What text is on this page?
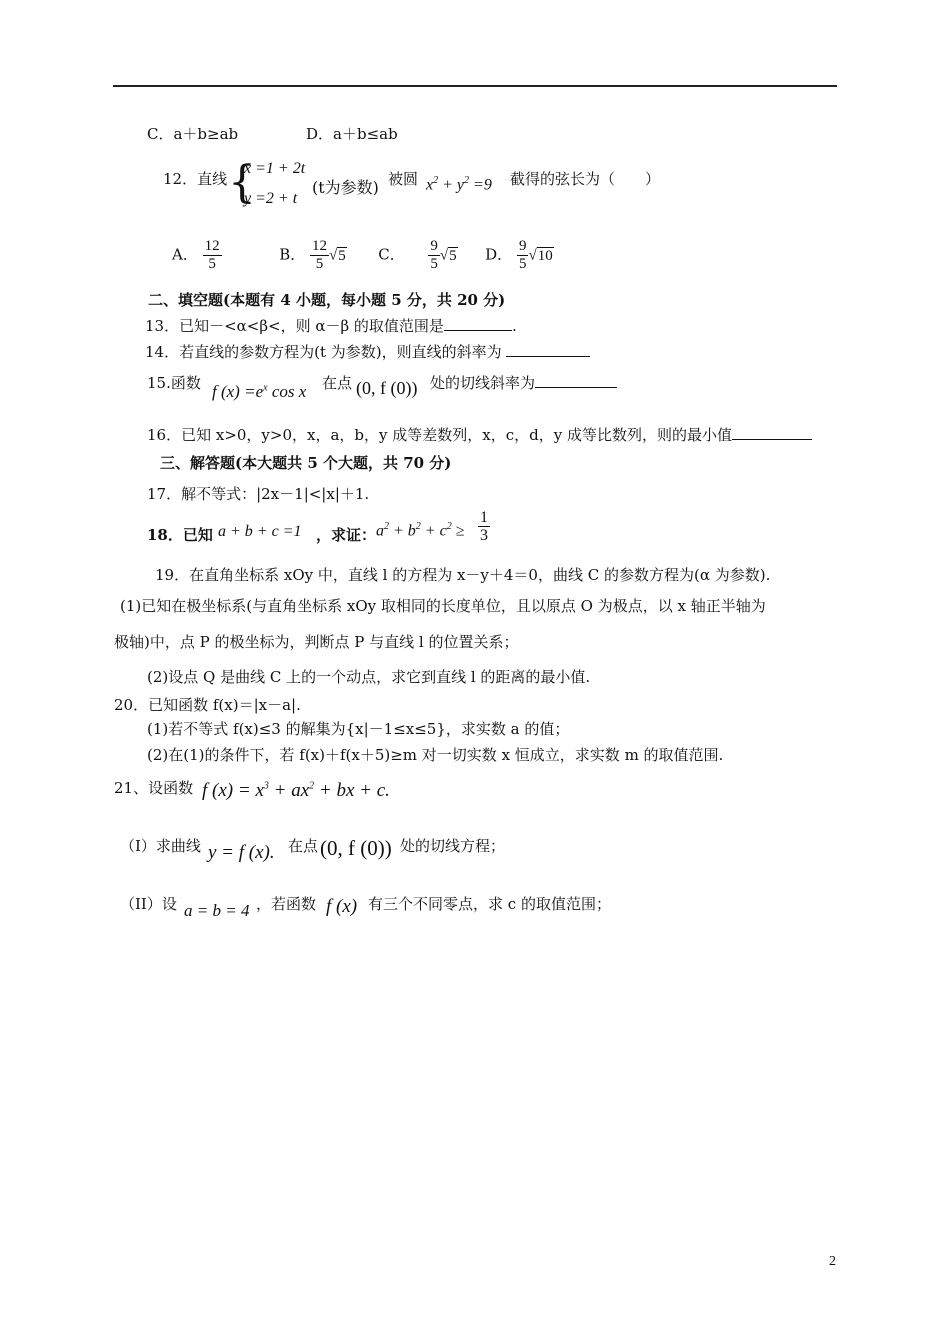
C．a＋b≥ab	D．a＋b≤ab
12．直线 {
x =1 + 2t
y =2 + t
(t为参数) 被圆 $x^2 + y^2 =9$ 截得的弦长为（　　）
A． $\frac{12}{5}$	B． $\frac{12}{5} √5$ C． $\frac{9}{5} √5$ D． $\frac{9}{5} √10$
二、填空题(本题有 4 小题，每小题 5 分，共 20 分)
13．已知－<α<β<，则 α－β 的取值范围是	.
14．若直线的参数方程为(t 为参数)，则直线的斜率为
15.函数 f $(x) =e^x$ cos x 在点 (0, f (0)) 处的切线斜率为
16．已知 x>0，y>0，x，a，b，y 成等差数列，x，c，d，y 成等比数列，则的最小值
三、解答题(本大题共 5 个大题，共 70 分)
17．解不等式：|2x－1|<|x|＋1.
18．已知 a + b + c =1 ，求证： $a^2 + b^2 + c^2 \ge \frac{1}{3}$
19．在直角坐标系 xOy 中，直线 l 的方程为 x－y＋4＝0，曲线 C 的参数方程为(α 为参数).
(1)已知在极坐标系(与直角坐标系 xOy 取相同的长度单位，且以原点 O 为极点，以 x 轴正半轴为
极轴)中，点 P 的极坐标为，判断点 P 与直线 l 的位置关系；
(2)设点 Q 是曲线 C 上的一个动点，求它到直线 l 的距离的最小值.
20．已知函数 f(x)＝|x－a|.
(1)若不等式 f(x)≤3 的解集为{x|－1≤x≤5}，求实数 a 的值；
(2)在(1)的条件下，若 f(x)＋f(x＋5)≥m 对一切实数 x 恒成立，求实数 m 的取值范围.
21、设函数 f $(x) = x^3 + ax^2$ + bx + c.
（I）求曲线 y = f (x). 在点 (0, f (0)) 处的切线方程；
（II）设 a = b = 4 ，若函数 f (x) 有三个不同零点，求 c 的取值范围；
2
